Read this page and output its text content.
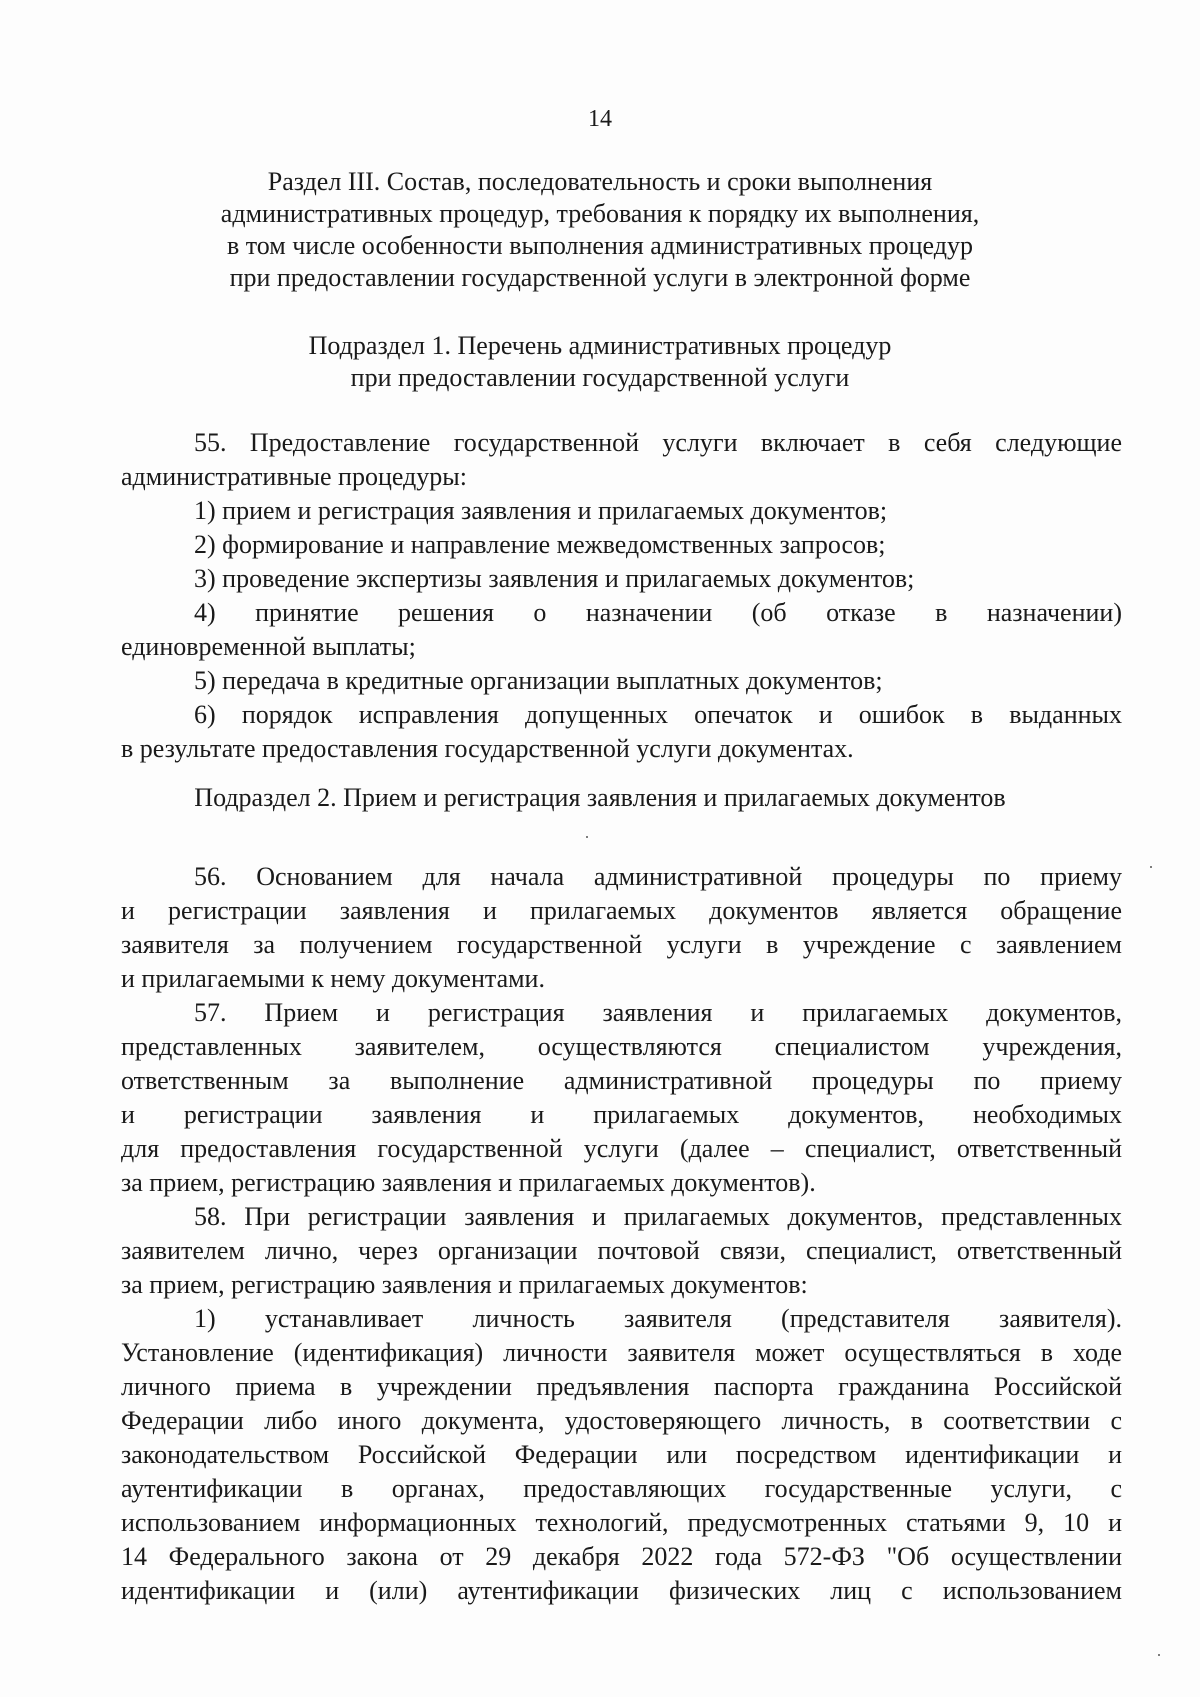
14
Раздел III. Состав, последовательность и сроки выполнения
административных процедур, требования к порядку их выполнения,
в том числе особенности выполнения административных процедур
при предоставлении государственной услуги в электронной форме
Подраздел 1. Перечень административных процедур
при предоставлении государственной услуги
55. Предоставление государственной услуги включает в себя следующие
административные процедуры:
1) прием и регистрация заявления и прилагаемых документов;
2) формирование и направление межведомственных запросов;
3) проведение экспертизы заявления и прилагаемых документов;
4) принятие решения о назначении (об отказе в назначении)
единовременной выплаты;
5) передача в кредитные организации выплатных документов;
6) порядок исправления допущенных опечаток и ошибок в выданных
в результате предоставления государственной услуги документах.
Подраздел 2. Прием и регистрация заявления и прилагаемых документов
56. Основанием для начала административной процедуры по приему
и регистрации заявления и прилагаемых документов является обращение
заявителя за получением государственной услуги в учреждение с заявлением
и прилагаемыми к нему документами.
57. Прием и регистрация заявления и прилагаемых документов,
представленных заявителем, осуществляются специалистом учреждения,
ответственным за выполнение административной процедуры по приему
и регистрации заявления и прилагаемых документов, необходимых
для предоставления государственной услуги (далее – специалист, ответственный
за прием, регистрацию заявления и прилагаемых документов).
58. При регистрации заявления и прилагаемых документов, представленных
заявителем лично, через организации почтовой связи, специалист, ответственный
за прием, регистрацию заявления и прилагаемых документов:
1) устанавливает личность заявителя (представителя заявителя).
Установление (идентификация) личности заявителя может осуществляться в ходе
личного приема в учреждении предъявления паспорта гражданина Российской
Федерации либо иного документа, удостоверяющего личность, в соответствии с
законодательством Российской Федерации или посредством идентификации и
аутентификации в органах, предоставляющих государственные услуги, с
использованием информационных технологий, предусмотренных статьями 9, 10 и
14 Федерального закона от 29 декабря 2022 года 572-ФЗ "Об осуществлении
идентификации и (или) аутентификации физических лиц с использованием
